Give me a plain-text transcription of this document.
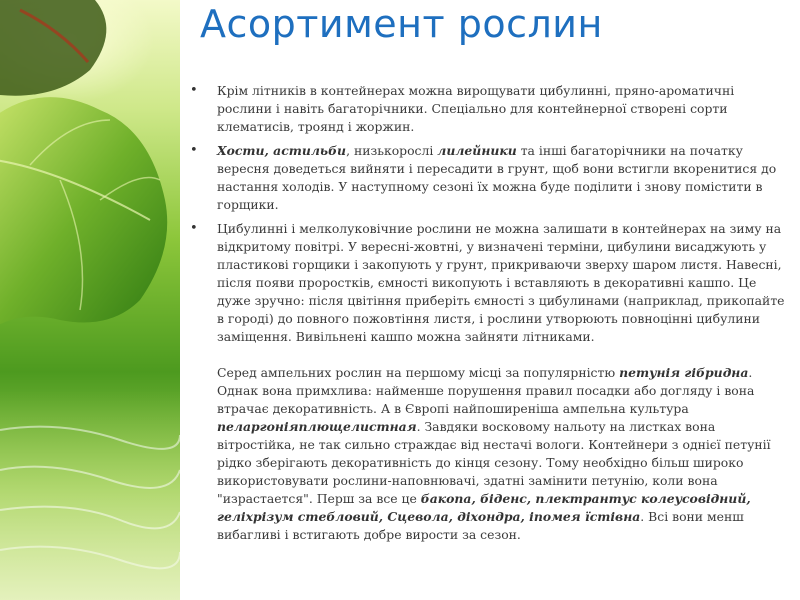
Асортимент рослин
• Крім літників в контейнерах можна вирощувати цибулинні, пряно-ароматичні рослини і навіть багаторічники. Спеціально для контейнерної створені сорти клематисів, троянд і жоржин.
• Хости, астильби, низькорослі лилейники та інші багаторічники на початку вересня доведеться вийняти і пересадити в грунт, щоб вони встигли вкоренитися до настання холодів. У наступному сезоні їх можна буде поділити і знову помістити в горщики.
• Цибулинні і мелколуковічние рослини не можна залишати в контейнерах на зиму на відкритому повітрі. У вересні-жовтні, у визначені терміни, цибулини висаджують у пластикові горщики і закопують у грунт, прикриваючи зверху шаром листя. Навесні, після появи проростків, ємності викопують і вставляють в декоративні кашпо. Це дуже зручно: після цвітіння приберіть ємності з цибулинами (наприклад, прикопайте в городі) до повного пожовтіння листя, і рослини утворюють повноцінні цибулини заміщення. Вивільнені кашпо можна зайняти літниками.
Серед ампельних рослин на першому місці за популярністю петунія гібридна. Однак вона примхлива: найменше порушення правил посадки або догляду і вона втрачає декоративність. А в Європі найпоширеніша ампельна культура пеларгоніяплющелистная. Завдяки восковому нальоту на листках вона вітростійка, не так сильно страждає від нестачі вологи. Контейнери з однієї петунії рідко зберігають декоративність до кінця сезону. Тому необхідно більш широко використовувати рослини-наповнювачі, здатні замінити петунію, коли вона "израстается". Перш за все це бакопа, біденс, плектрантус колеусовідний, геліхрізум стебловий, Сцевола, діхондра, іпомея їстівна. Всі вони менш вибагливі і встигають добре вирости за сезон.
